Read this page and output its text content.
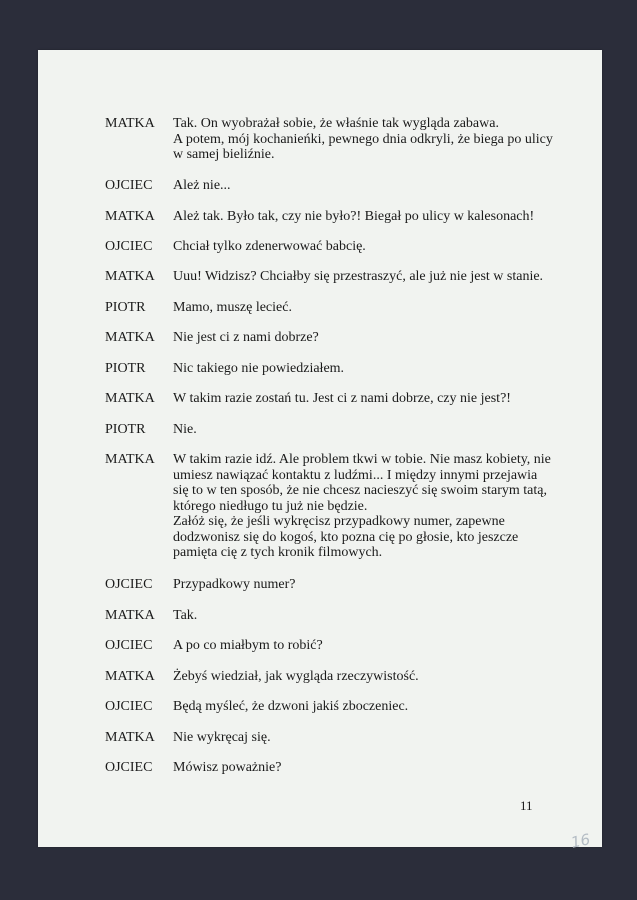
MATKA Tak. On wyobrażał sobie, że właśnie tak wygląda zabawa.
A potem, mój kochanieńki, pewnego dnia odkryli, że biega po ulicy
w samej bieliźnie.
OJCIEC Ależ nie...
MATKA Ależ tak. Było tak, czy nie było?! Biegał po ulicy w kalesonach!
OJCIEC Chciał tylko zdenerwować babcię.
MATKA Uuu! Widzisz? Chciałby się przestraszyć, ale już nie jest w stanie.
PIOTR Mamo, muszę lecieć.
MATKA Nie jest ci z nami dobrze?
PIOTR Nic takiego nie powiedziałem.
MATKA W takim razie zostań tu. Jest ci z nami dobrze, czy nie jest?!
PIOTR Nie.
MATKA W takim razie idź. Ale problem tkwi w tobie. Nie masz kobiety, nie
umiesz nawiązać kontaktu z ludźmi... I między innymi przejawia
się to w ten sposób, że nie chcesz nacieszyć się swoim starym tatą,
którego niedługo tu już nie będzie.
Załóż się, że jeśli wykręcisz przypadkowy numer, zapewne
dodzwonisz się do kogoś, kto pozna cię po głosie, kto jeszcze
pamięta cię z tych kronik filmowych.
OJCIEC Przypadkowy numer?
MATKA Tak.
OJCIEC A po co miałbym to robić?
MATKA Żebyś wiedział, jak wygląda rzeczywistość.
OJCIEC Będą myśleć, że dzwoni jakiś zboczeniec.
MATKA Nie wykręcaj się.
OJCIEC Mówisz poważnie?
11
16
